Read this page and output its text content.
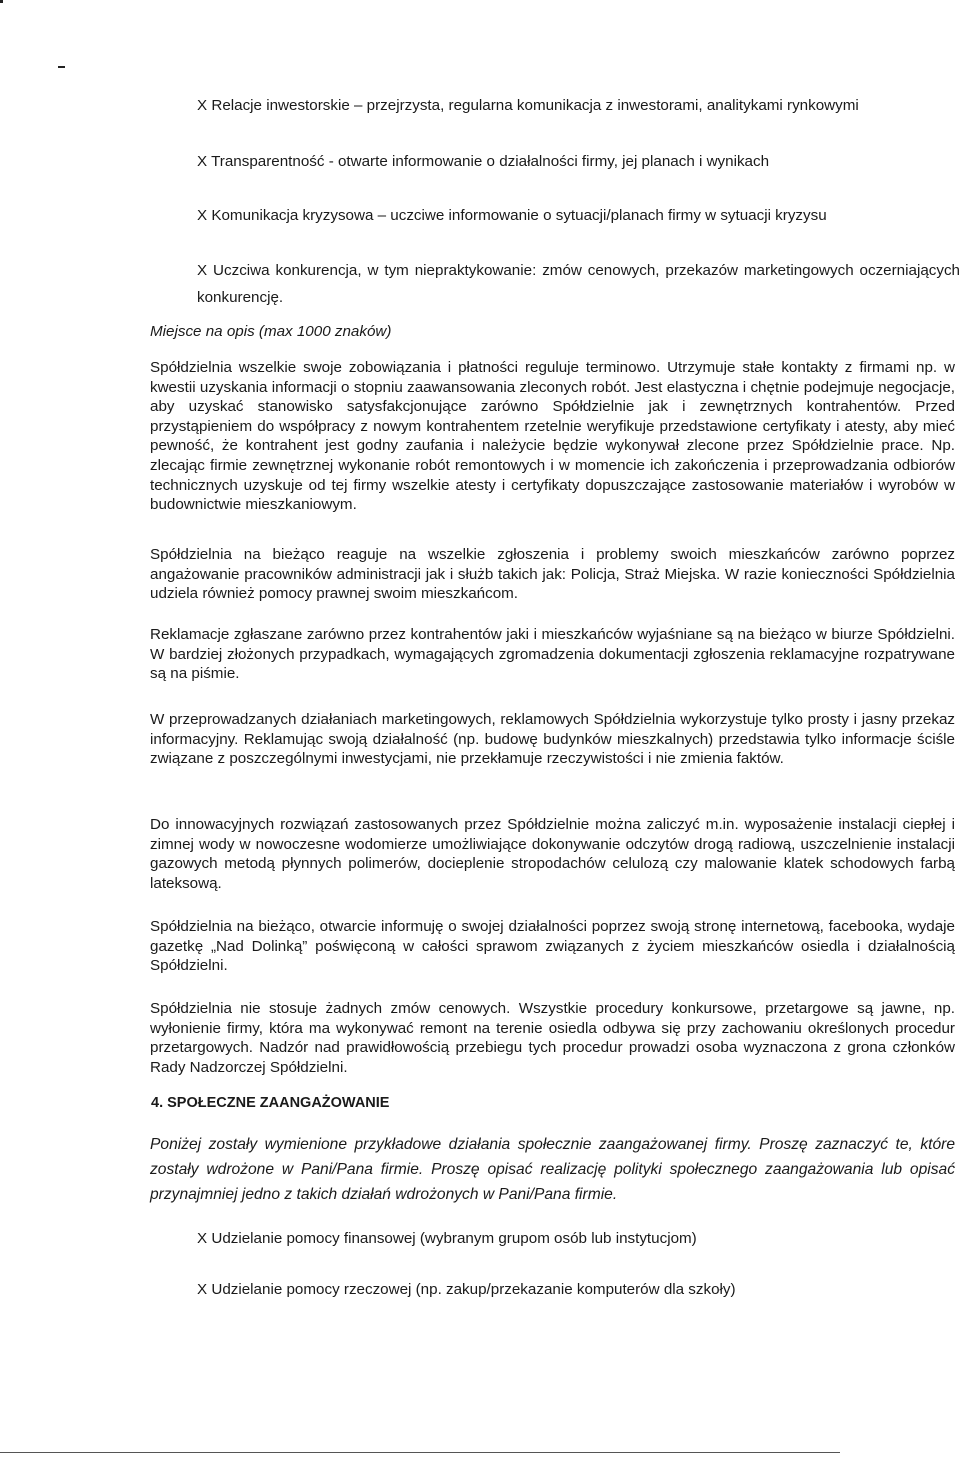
X Relacje inwestorskie – przejrzysta, regularna komunikacja z inwestorami, analitykami rynkowymi
X Transparentność - otwarte informowanie o działalności firmy, jej planach i wynikach
X Komunikacja kryzysowa – uczciwe informowanie o sytuacji/planach firmy w sytuacji kryzysu
X Uczciwa konkurencja, w tym niepraktykowanie: zmów cenowych, przekazów marketingowych oczerniających konkurencję.
Miejsce na opis (max 1000 znaków)

Spółdzielnia wszelkie swoje zobowiązania i płatności reguluje terminowo. Utrzymuje stałe kontakty z firmami np. w kwestii uzyskania informacji o stopniu zaawansowania zleconych robót. Jest elastyczna i chętnie podejmuje negocjacje, aby uzyskać stanowisko satysfakcjonujące zarówno Spółdzielnie jak i zewnętrznych kontrahentów. Przed przystąpieniem do współpracy z nowym kontrahentem rzetelnie weryfikuje przedstawione certyfikaty i atesty, aby mieć pewność, że kontrahent jest godny zaufania i należycie będzie wykonywał zlecone przez Spółdzielnie prace. Np. zlecając firmie zewnętrznej wykonanie robót remontowych i w momencie ich zakończenia i przeprowadzania odbiorów technicznych uzyskuje od tej firmy wszelkie atesty i certyfikaty dopuszczające zastosowanie materiałów i wyrobów w budownictwie mieszkaniowym.

Spółdzielnia na bieżąco reaguje na wszelkie zgłoszenia i problemy swoich mieszkańców zarówno poprzez angażowanie pracowników administracji jak i służb takich jak: Policja, Straż Miejska. W razie konieczności Spółdzielnia udziela również pomocy prawnej swoim mieszkańcom.

Reklamacje zgłaszane zarówno przez kontrahentów jaki i mieszkańców wyjaśniane są na bieżąco w biurze Spółdzielni. W bardziej złożonych przypadkach, wymagających zgromadzenia dokumentacji zgłoszenia reklamacyjne rozpatrywane są na piśmie.

W przeprowadzanych działaniach marketingowych, reklamowych Spółdzielnia wykorzystuje tylko prosty i jasny przekaz informacyjny. Reklamując swoją działalność (np. budowę budynków mieszkalnych) przedstawia tylko informacje ściśle związane z poszczególnymi inwestycjami, nie przekłamuje rzeczywistości i nie zmienia faktów.

Do innowacyjnych rozwiązań zastosowanych przez Spółdzielnie można zaliczyć m.in. wyposażenie instalacji ciepłej i zimnej wody w nowoczesne wodomierze umożliwiające dokonywanie odczytów drogą radiową, uszczelnienie instalacji gazowych metodą płynnych polimerów, docieplenie stropodachów celulozą czy malowanie klatek schodowych farbą lateksową.

Spółdzielnia na bieżąco, otwarcie informuję o swojej działalności poprzez swoją stronę internetową, facebooka, wydaje gazetkę „Nad Dolinką” poświęconą w całości sprawom związanych z życiem mieszkańców osiedla i działalnością Spółdzielni.

Spółdzielnia nie stosuje żadnych zmów cenowych. Wszystkie procedury konkursowe, przetargowe są jawne, np. wyłonienie firmy, która ma wykonywać remont na terenie osiedla odbywa się przy zachowaniu określonych procedur przetargowych. Nadzór nad prawidłowością przebiegu tych procedur prowadzi osoba wyznaczona z grona członków Rady Nadzorczej Spółdzielni.

4. SPOŁECZNE ZAANGAŻOWANIE
Poniżej zostały wymienione przykładowe działania społecznie zaangażowanej firmy. Proszę zaznaczyć te, które zostały wdrożone w Pani/Pana firmie. Proszę opisać realizację polityki społecznego zaangażowania lub opisać przynajmniej jedno z takich działań wdrożonych w Pani/Pana firmie.
X Udzielanie pomocy finansowej (wybranym grupom osób lub instytucjom)
X Udzielanie pomocy rzeczowej (np. zakup/przekazanie komputerów dla szkoły)
